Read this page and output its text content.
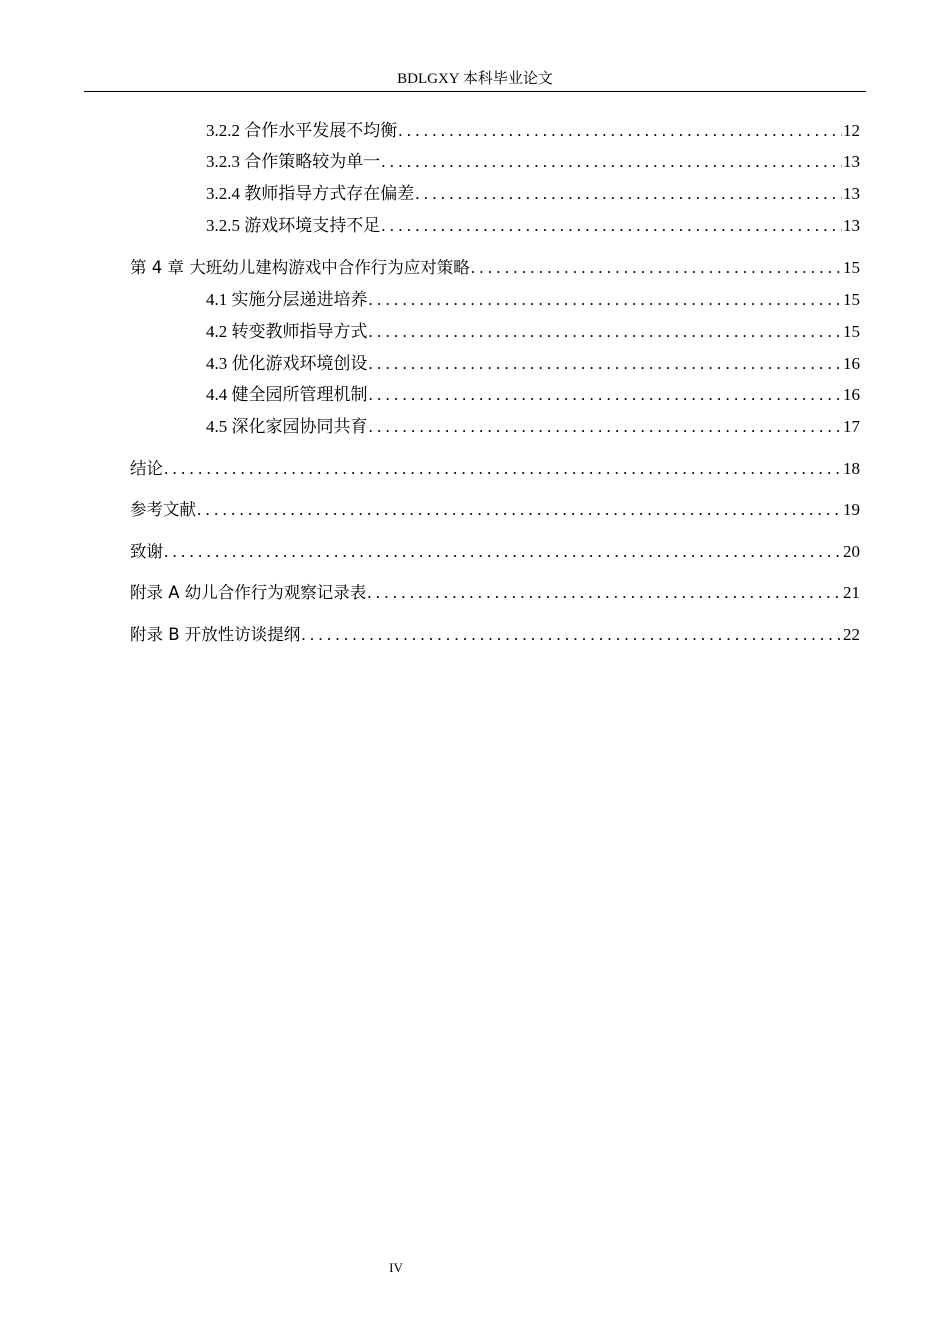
BDLGXY 本科毕业论文
3.2.2 合作水平发展不均衡 . . .	12
3.2.3 合作策略较为单一 . . .	13
3.2.4 教师指导方式存在偏差 . . .	13
3.2.5 游戏环境支持不足 . . .	13
第 4 章 大班幼儿建构游戏中合作行为应对策略 . . .	15
4.1 实施分层递进培养 . . .	15
4.2 转变教师指导方式 . . .	15
4.3 优化游戏环境创设 . . .	16
4.4 健全园所管理机制 . . .	16
4.5 深化家园协同共育 . . .	17
结论 . . .	18
参考文献 . . .	19
致谢 . . .	20
附录 A 幼儿合作行为观察记录表 . . .	21
附录 B 开放性访谈提纲 . . .	22
IV
